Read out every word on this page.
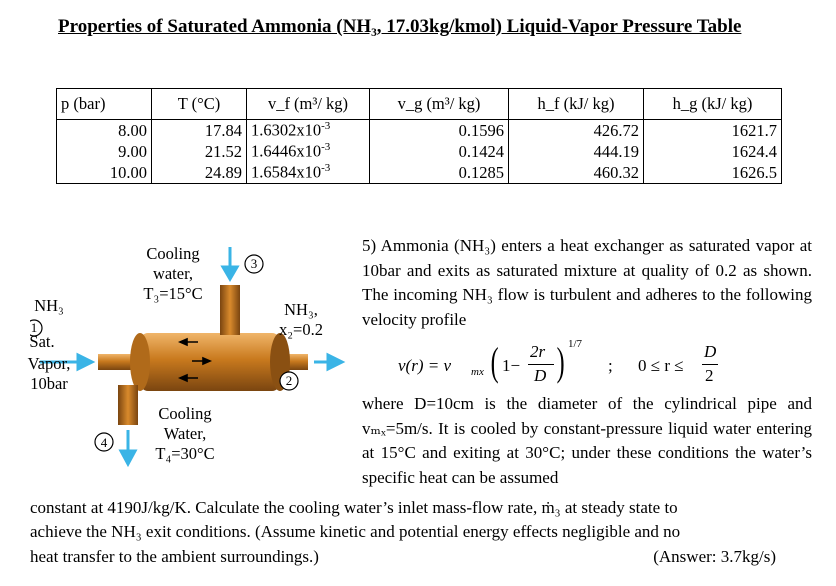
Properties of Saturated Ammonia (NH₃, 17.03kg/kmol) Liquid-Vapor Pressure Table
p (bar)	T (°C)	v_f (m³/ kg)	v_g (m³/ kg)	h_f (kJ/ kg)	h_g (kJ/ kg)
8.00	17.84	$1.6302x10^{-3}$	0.1596	426.72	1621.7
9.00	21.52	$1.6446x10^{-3}$	0.1424	444.19	1624.4
10.00	24.89	$1.6584x10^{-3}$	0.1285	460.32	1626.5
Cooling
water,
T₃=15°C
3
NH₃
1
Sat.
Vapor,
10bar
NH₃,
x₂=0.2
2
Cooling
Water,
T₄=30°C
4
5) Ammonia (NH₃) enters a heat exchanger as saturated vapor at 10bar and exits as saturated mixture at quality of 0.2 as shown. The incoming NH₃ flow is turbulent and adheres to the following velocity profile
where D=10cm is the diameter of the cylindrical pipe and vₘₓ=5m/s. It is cooled by constant-pressure liquid water entering at 15°C and exiting at 30°C; under these conditions the water’s specific heat can be assumed
v(r) = v mx ( 1−
2r
D ) 1/7
; 0 ≤ r ≤
D
2
constant at 4190J/kg/K. Calculate the cooling water’s inlet mass-flow rate, ṁ₃ at steady state to
achieve the NH₃ exit conditions. (Assume kinetic and potential energy effects negligible and no
heat transfer to the ambient surroundings.)	(Answer: 3.7kg/s)
